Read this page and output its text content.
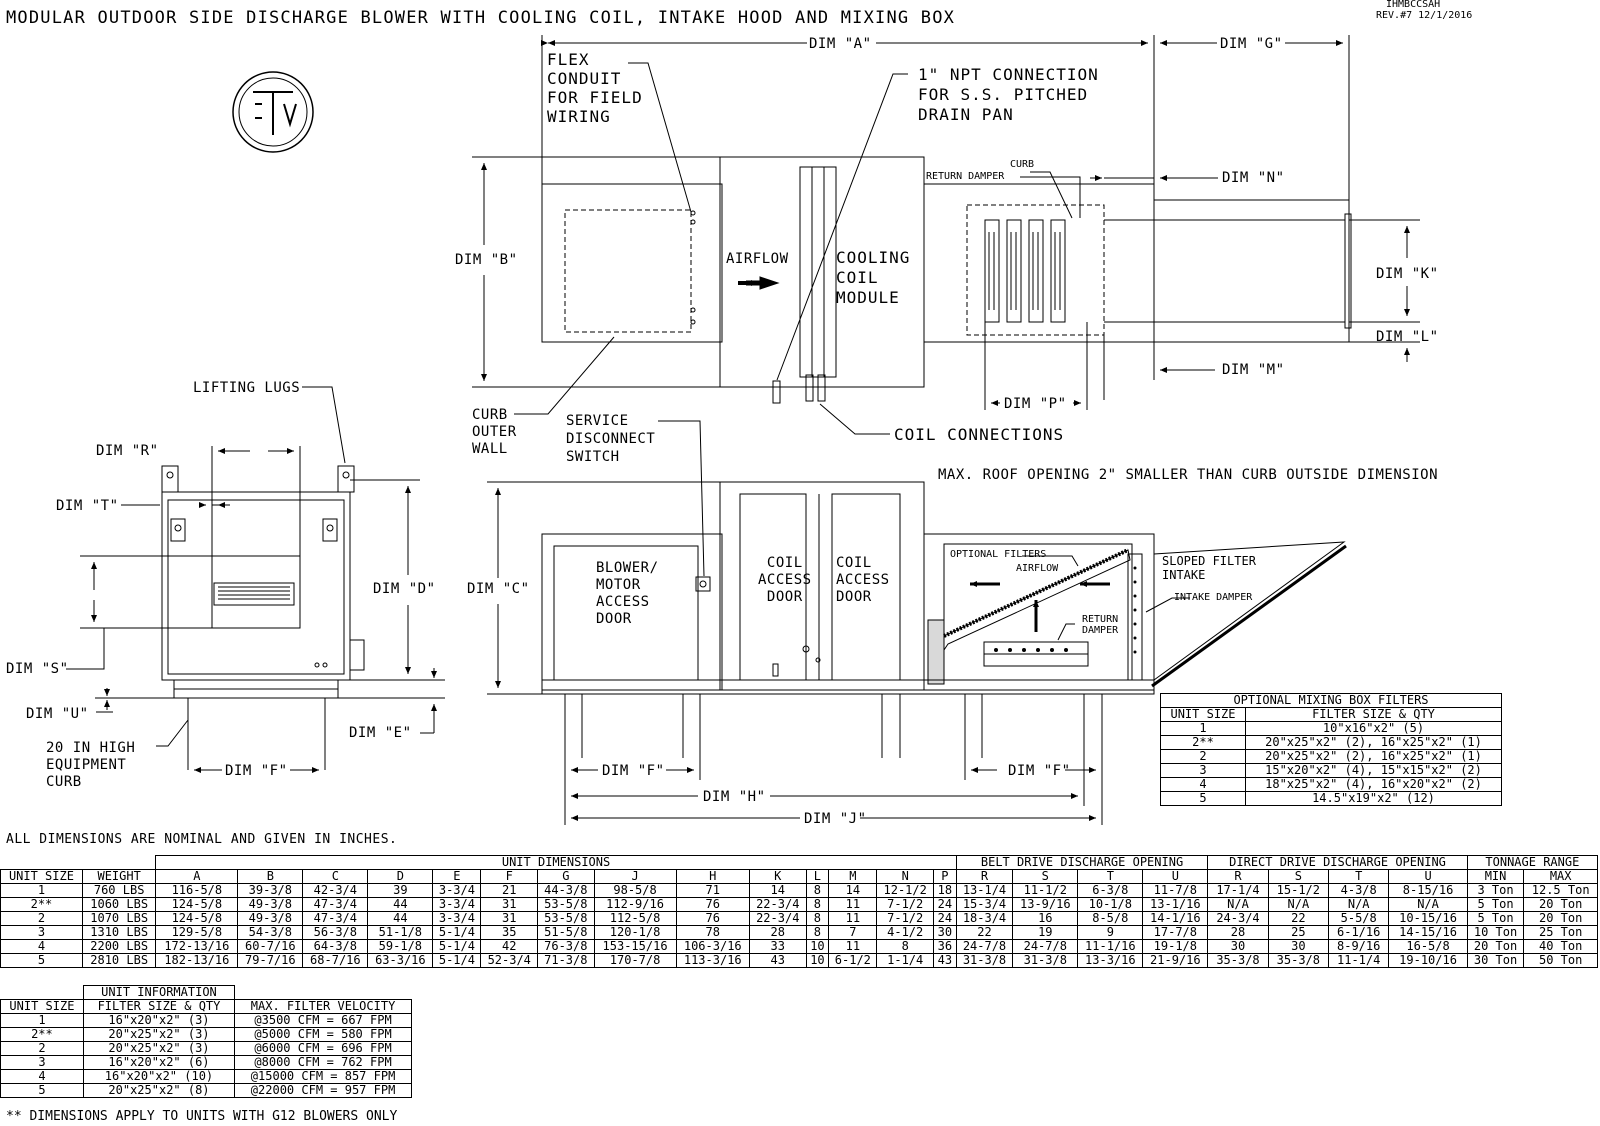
MODULAR OUTDOOR SIDE DISCHARGE BLOWER WITH COOLING COIL, INTAKE HOOD AND MIXING BOX
IHMBCCSAH
REV.#7 12/1/2016
FLEX
CONDUIT
FOR FIELD
WIRING
1" NPT CONNECTION
FOR S.S. PITCHED
DRAIN PAN
AIRFLOW	COOLING
COIL
MODULE
CURB
RETURN DAMPER
DIM "A"	DIM "G"
DIM "B"
DIM "N"
DIM "K"
DIM "L"
DIM "M"
DIM "P"
CURB
OUTER
WALL
SERVICE
DISCONNECT
SWITCH
COIL CONNECTIONS
MAX. ROOF OPENING 2" SMALLER THAN CURB OUTSIDE DIMENSION
LIFTING LUGS
DIM "R"
DIM "T"
DIM "D"
DIM "S"
DIM "U"
DIM "E"
DIM "F"
20 IN HIGH
EQUIPMENT
CURB
DIM "C"
BLOWER/
MOTOR
ACCESS
DOOR
COIL
ACCESS
DOOR
COIL
ACCESS
DOOR
OPTIONAL FILTERS
AIRFLOW
RETURN
DAMPER
SLOPED FILTER
INTAKE
INTAKE DAMPER
DIM "F"	DIM "F"
DIM "H"
DIM "J"
OPTIONAL MIXING BOX FILTERS	
UNIT SIZE	FILTER SIZE & QTY
1	10"x16"x2" (5)
2**	20"x25"x2" (2), 16"x25"x2" (1)
2	20"x25"x2" (2), 16"x25"x2" (1)
3	15"x20"x2" (4), 15"x15"x2" (2)
4	18"x25"x2" (4), 16"x20"x2" (2)
5	14.5"x19"x2" (12)
ALL DIMENSIONS ARE NOMINAL AND GIVEN IN INCHES.
		UNIT DIMENSIONS														BELT DRIVE DISCHARGE OPENING				DIRECT DRIVE DISCHARGE OPENING				TONNAGE RANGE	
UNIT SIZE	WEIGHT	A	B	C	D	E	F	G	J	H	K	L	M	N	P	R	S	T	U	R	S	T	U	MIN	MAX
1	760 LBS	116-5/8	39-3/8	42-3/4	39	3-3/4	21	44-3/8	98-5/8	71	14	8	14	12-1/2	18	13-1/4	11-1/2	6-3/8	11-7/8	17-1/4	15-1/2	4-3/8	8-15/16	3 Ton	12.5 Ton
2**	1060 LBS	124-5/8	49-3/8	47-3/4	44	3-3/4	31	53-5/8	112-9/16	76	22-3/4	8	11	7-1/2	24	15-3/4	13-9/16	10-1/8	13-1/16	N/A	N/A	N/A	N/A	5 Ton	20 Ton
2	1070 LBS	124-5/8	49-3/8	47-3/4	44	3-3/4	31	53-5/8	112-5/8	76	22-3/4	8	11	7-1/2	24	18-3/4	16	8-5/8	14-1/16	24-3/4	22	5-5/8	10-15/16	5 Ton	20 Ton
3	1310 LBS	129-5/8	54-3/8	56-3/8	51-1/8	5-1/4	35	51-5/8	120-1/8	78	28	8	7	4-1/2	30	22	19	9	17-7/8	28	25	6-1/16	14-15/16	10 Ton	25 Ton
4	2200 LBS	172-13/16	60-7/16	64-3/8	59-1/8	5-1/4	42	76-3/8	153-15/16	106-3/16	33	10	11	8	36	24-7/8	24-7/8	11-1/16	19-1/8	30	30	8-9/16	16-5/8	20 Ton	40 Ton
5	2810 LBS	182-13/16	79-7/16	68-7/16	63-3/16	5-1/4	52-3/4	71-3/8	170-7/8	113-3/16	43	10	6-1/2	1-1/4	43	31-3/8	31-3/8	13-3/16	21-9/16	35-3/8	35-3/8	11-1/4	19-10/16	30 Ton	50 Ton
	UNIT INFORMATION	
UNIT SIZE	FILTER SIZE & QTY	MAX. FILTER VELOCITY
1	16"x20"x2" (3)	@3500 CFM = 667 FPM
2**	20"x25"x2" (3)	@5000 CFM = 580 FPM
2	20"x25"x2" (3)	@6000 CFM = 696 FPM
3	16"x20"x2" (6)	@8000 CFM = 762 FPM
4	16"x20"x2" (10)	@15000 CFM = 857 FPM
5	20"x25"x2" (8)	@22000 CFM = 957 FPM
** DIMENSIONS APPLY TO UNITS WITH G12 BLOWERS ONLY
